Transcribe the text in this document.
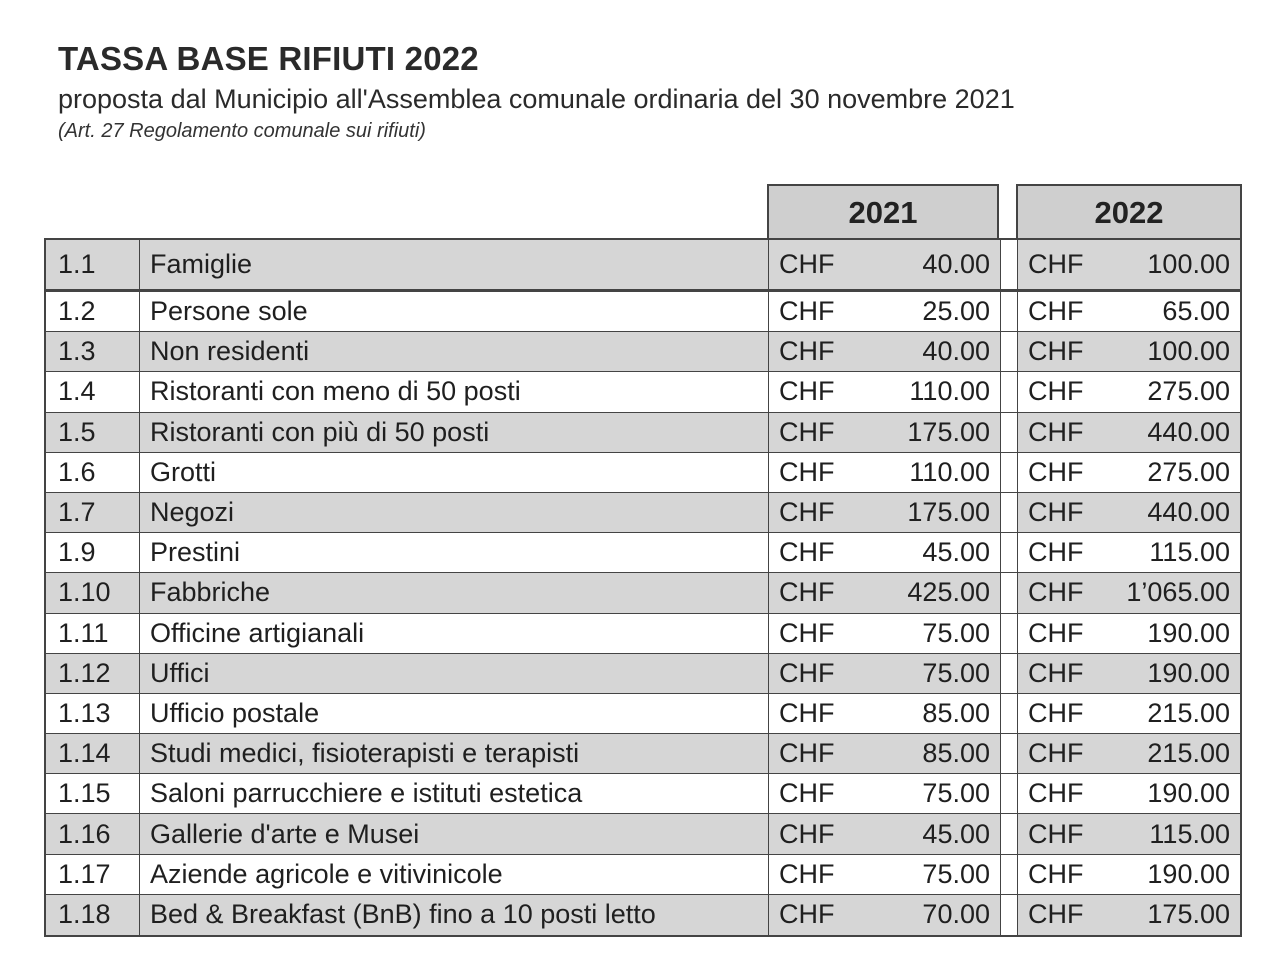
TASSA BASE RIFIUTI 2022
proposta dal Municipio all'Assemblea comunale ordinaria del 30 novembre 2021
(Art. 27 Regolamento comunale sui rifiuti)
2021	2022
1.1	Famiglie	CHF	40.00 CHF 100.00
1.2	Persone sole	CHF	25.00 CHF	65.00
1.3	Non residenti	CHF	40.00 CHF 100.00
1.4	Ristoranti con meno di 50 posti	CHF	110.00 CHF 275.00
1.5	Ristoranti con più di 50 posti	CHF	175.00 CHF 440.00
1.6	Grotti	CHF	110.00 CHF 275.00
1.7	Negozi	CHF	175.00 CHF 440.00
1.9	Prestini	CHF	45.00 CHF 115.00
1.10	Fabbriche	CHF	425.00 CHF 1’065.00
1.11	Officine artigianali	CHF	75.00 CHF 190.00
1.12	Uffici	CHF	75.00 CHF 190.00
1.13	Ufficio postale	CHF	85.00 CHF 215.00
1.14	Studi medici, fisioterapisti e terapisti	CHF	85.00 CHF 215.00
1.15	Saloni parrucchiere e istituti estetica	CHF	75.00 CHF 190.00
1.16	Gallerie d'arte e Musei	CHF	45.00 CHF 115.00
1.17	Aziende agricole e vitivinicole	CHF	75.00 CHF 190.00
1.18	Bed & Breakfast (BnB) fino a 10 posti letto	CHF	70.00 CHF 175.00
